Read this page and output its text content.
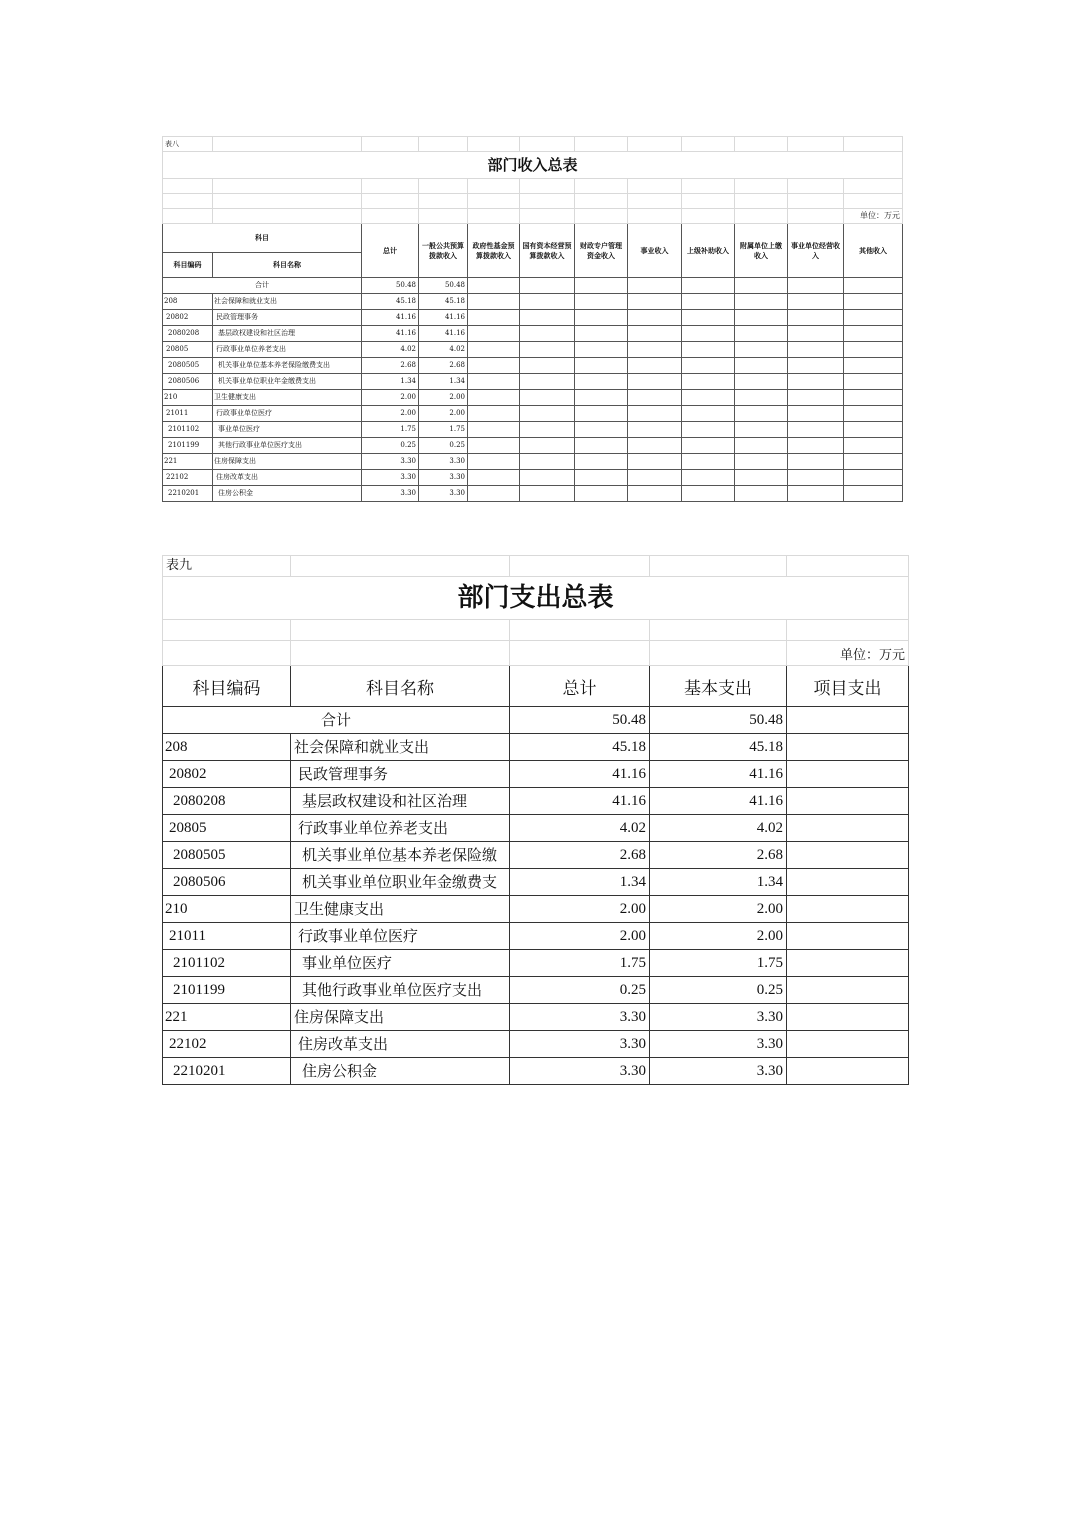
表八											
部门收入总表											

											单位：万元
科目		总计	一般公共预算拨款收入	政府性基金预算拨款收入	国有资本经营预算拨款收入	财政专户管理资金收入	事业收入	上级补助收入	附属单位上缴收入	事业单位经营收入	其他收入
科目编码	科目名称										
合计		50.48	50.48								
208	社会保障和就业支出	45.18	45.18								
20802	民政管理事务	41.16	41.16								
2080208	基层政权建设和社区治理	41.16	41.16								
20805	行政事业单位养老支出	4.02	4.02								
2080505	机关事业单位基本养老保险缴费支出	2.68	2.68								
2080506	机关事业单位职业年金缴费支出	1.34	1.34								
210	卫生健康支出	2.00	2.00								
21011	行政事业单位医疗	2.00	2.00								
2101102	事业单位医疗	1.75	1.75								
2101199	其他行政事业单位医疗支出	0.25	0.25								
221	住房保障支出	3.30	3.30								
22102	住房改革支出	3.30	3.30								
2210201	住房公积金	3.30	3.30								
表九				
部门支出总表				

				单位：万元
科目编码	科目名称	总计	基本支出	项目支出
合计		50.48	50.48	
208	社会保障和就业支出	45.18	45.18	
20802	民政管理事务	41.16	41.16	
2080208	基层政权建设和社区治理	41.16	41.16	
20805	行政事业单位养老支出	4.02	4.02	
2080505	机关事业单位基本养老保险缴	2.68	2.68	
2080506	机关事业单位职业年金缴费支	1.34	1.34	
210	卫生健康支出	2.00	2.00	
21011	行政事业单位医疗	2.00	2.00	
2101102	事业单位医疗	1.75	1.75	
2101199	其他行政事业单位医疗支出	0.25	0.25	
221	住房保障支出	3.30	3.30	
22102	住房改革支出	3.30	3.30	
2210201	住房公积金	3.30	3.30	
